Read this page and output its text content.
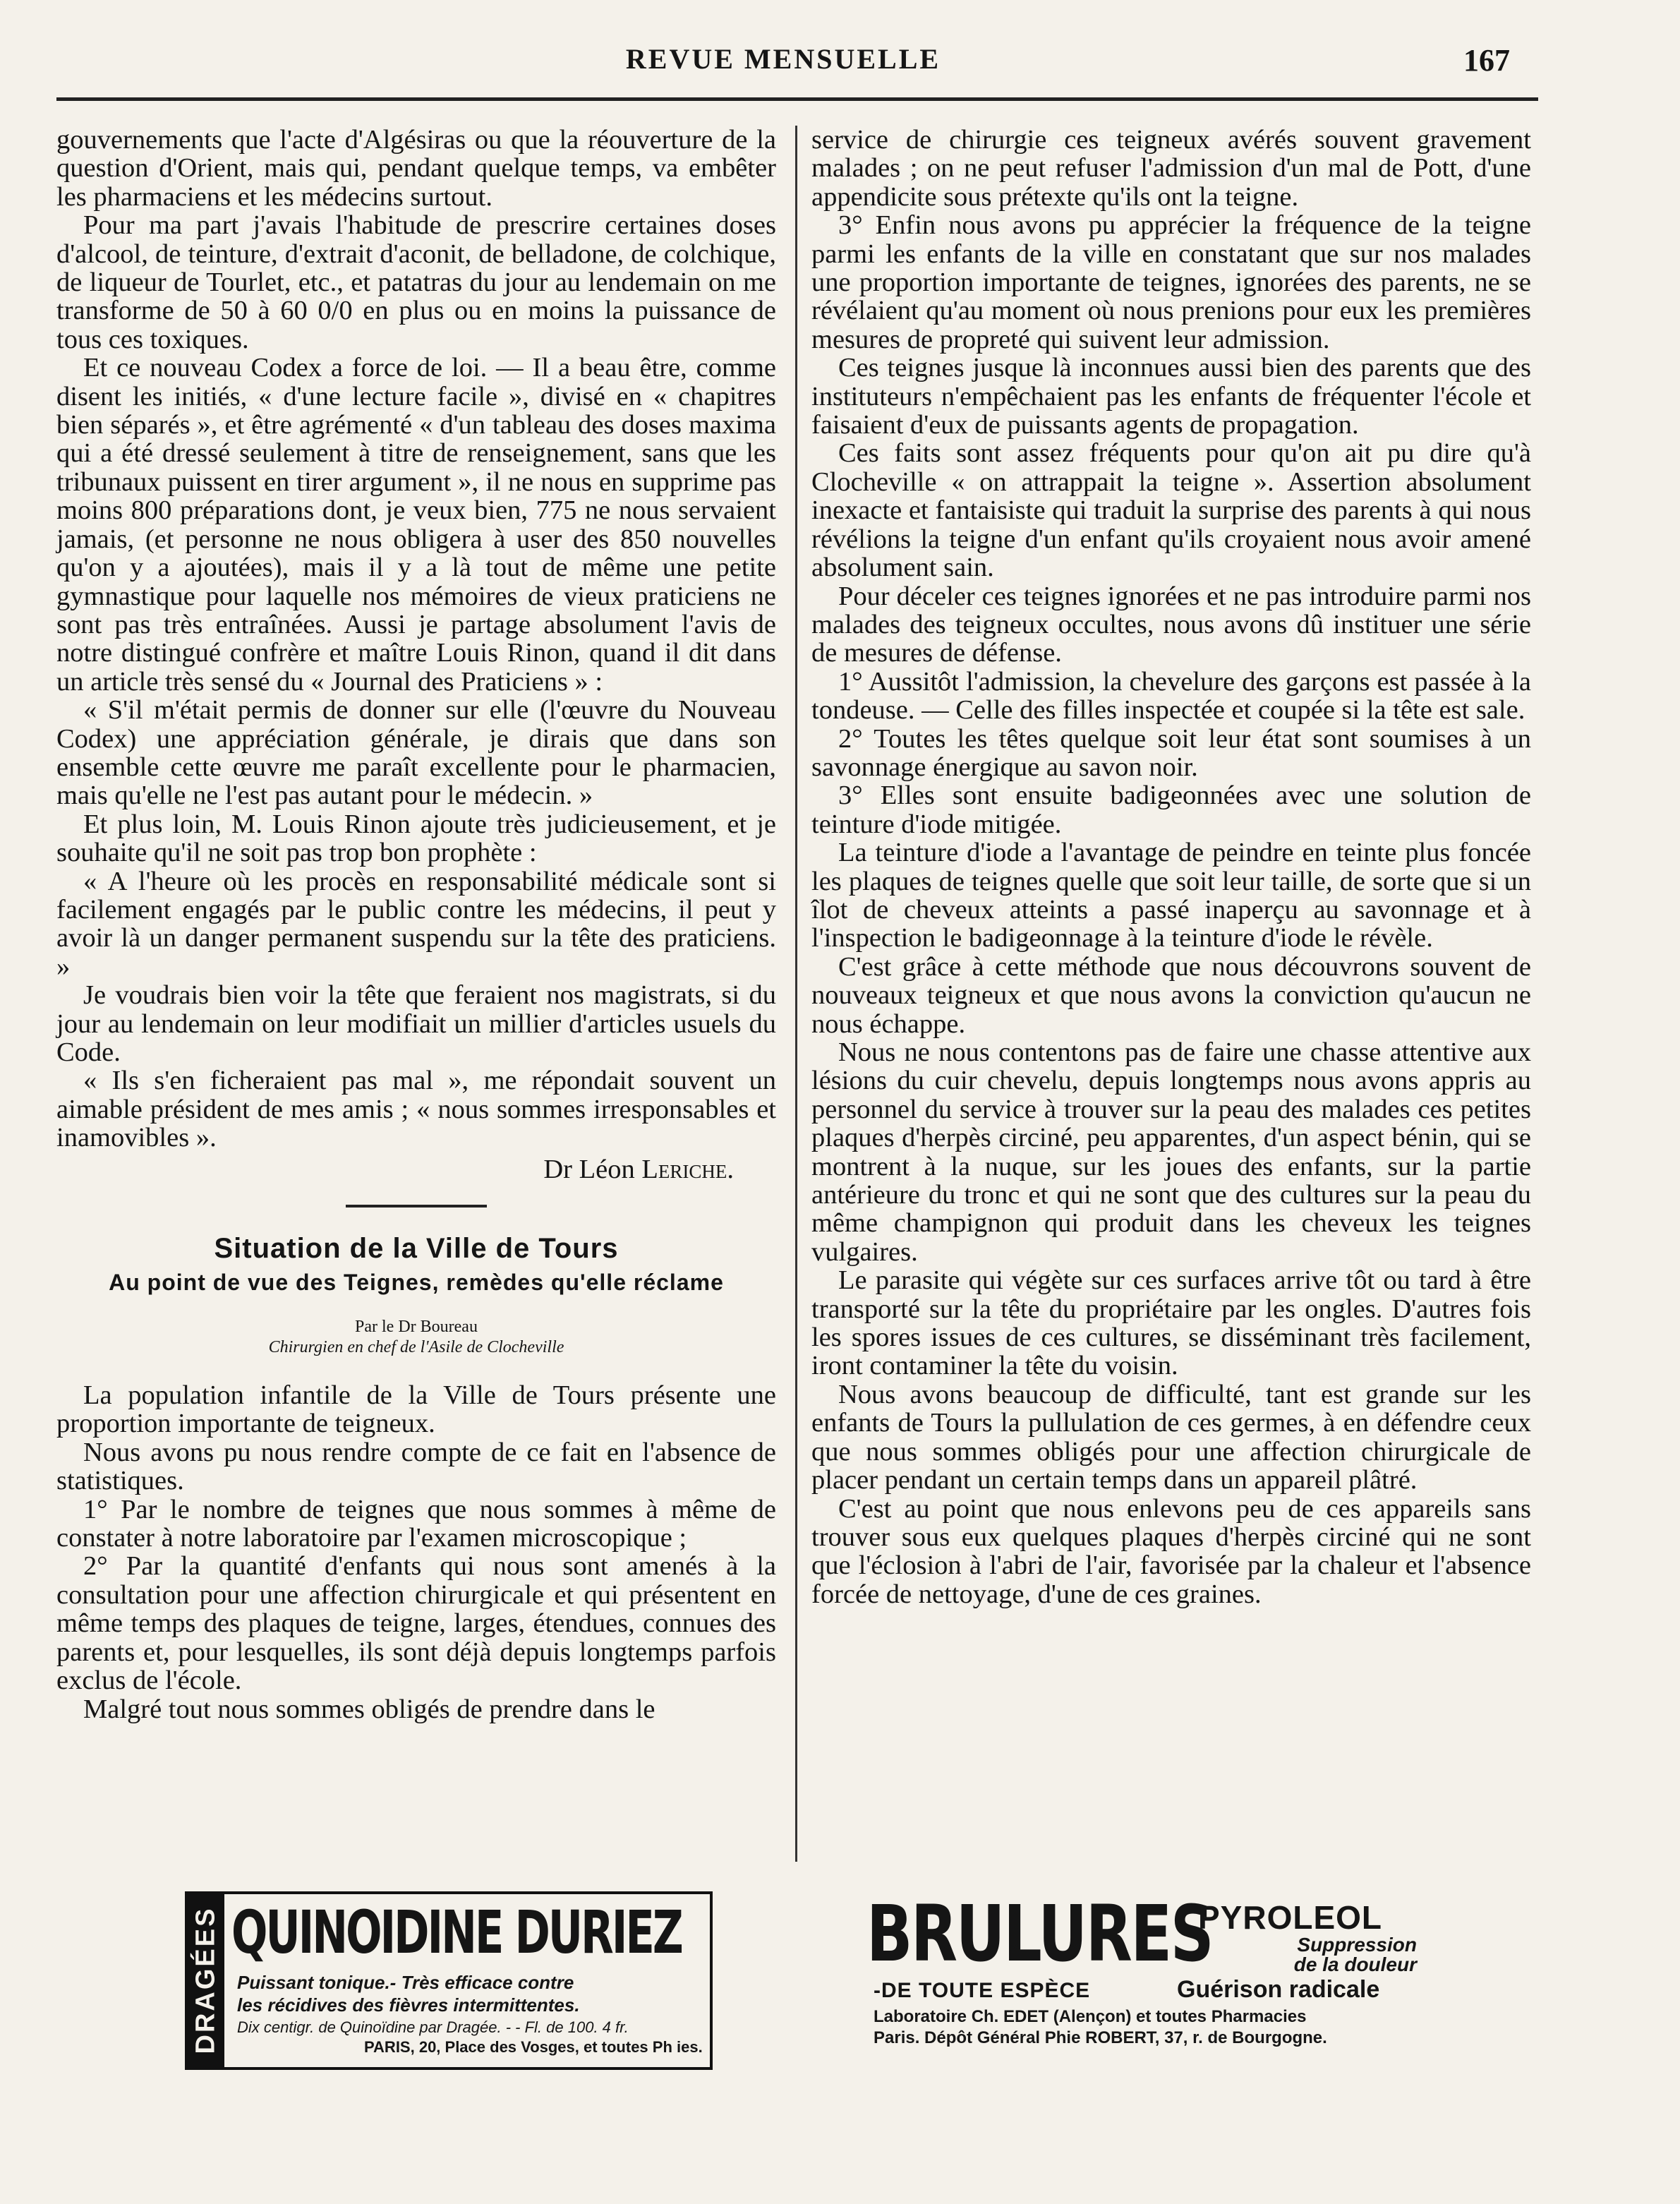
REVUE MENSUELLE	167

gouvernements que l'acte d'Algésiras ou que la réouverture de la question d'Orient, mais qui, pendant quelque temps, va embêter les pharmaciens et les médecins surtout.

Pour ma part j'avais l'habitude de prescrire certaines doses d'alcool, de teinture, d'extrait d'aconit, de belladone, de colchique, de liqueur de Tourlet, etc., et patatras du jour au lendemain on me transforme de 50 à 60 0/0 en plus ou en moins la puissance de tous ces toxiques.

Et ce nouveau Codex a force de loi. — Il a beau être, comme disent les initiés, « d'une lecture facile », divisé en « chapitres bien séparés », et être agrémenté « d'un tableau des doses maxima qui a été dressé seulement à titre de renseignement, sans que les tribunaux puissent en tirer argument », il ne nous en supprime pas moins 800 préparations dont, je veux bien, 775 ne nous servaient jamais, (et personne ne nous obligera à user des 850 nouvelles qu'on y a ajoutées), mais il y a là tout de même une petite gymnastique pour laquelle nos mémoires de vieux praticiens ne sont pas très entraînées. Aussi je partage absolument l'avis de notre distingué confrère et maître Louis Rinon, quand il dit dans un article très sensé du « Journal des Praticiens » :

« S'il m'était permis de donner sur elle (l'œuvre du Nouveau Codex) une appréciation générale, je dirais que dans son ensemble cette œuvre me paraît excellente pour le pharmacien, mais qu'elle ne l'est pas autant pour le médecin. »

Et plus loin, M. Louis Rinon ajoute très judicieusement, et je souhaite qu'il ne soit pas trop bon prophète :

« A l'heure où les procès en responsabilité médicale sont si facilement engagés par le public contre les médecins, il peut y avoir là un danger permanent suspendu sur la tête des praticiens. »

Je voudrais bien voir la tête que feraient nos magistrats, si du jour au lendemain on leur modifiait un millier d'articles usuels du Code.

« Ils s'en ficheraient pas mal », me répondait souvent un aimable président de mes amis ; « nous sommes irresponsables et inamovibles ».

Dr Léon Leriche.
Situation de la Ville de Tours
Au point de vue des Teignes, remèdes qu'elle réclame
Par le Dr Boureau
Chirurgien en chef de l'Asile de Clocheville

La population infantile de la Ville de Tours présente une proportion importante de teigneux.

Nous avons pu nous rendre compte de ce fait en l'absence de statistiques.

1° Par le nombre de teignes que nous sommes à même de constater à notre laboratoire par l'examen microscopique ;

2° Par la quantité d'enfants qui nous sont amenés à la consultation pour une affection chirurgicale et qui présentent en même temps des plaques de teigne, larges, étendues, connues des parents et, pour lesquelles, ils sont déjà depuis longtemps parfois exclus de l'école.

Malgré tout nous sommes obligés de prendre dans le

service de chirurgie ces teigneux avérés souvent gravement malades ; on ne peut refuser l'admission d'un mal de Pott, d'une appendicite sous prétexte qu'ils ont la teigne.

3° Enfin nous avons pu apprécier la fréquence de la teigne parmi les enfants de la ville en constatant que sur nos malades une proportion importante de teignes, ignorées des parents, ne se révélaient qu'au moment où nous prenions pour eux les premières mesures de propreté qui suivent leur admission.

Ces teignes jusque là inconnues aussi bien des parents que des instituteurs n'empêchaient pas les enfants de fréquenter l'école et faisaient d'eux de puissants agents de propagation.

Ces faits sont assez fréquents pour qu'on ait pu dire qu'à Clocheville « on attrappait la teigne ». Assertion absolument inexacte et fantaisiste qui traduit la surprise des parents à qui nous révélions la teigne d'un enfant qu'ils croyaient nous avoir amené absolument sain.

Pour déceler ces teignes ignorées et ne pas introduire parmi nos malades des teigneux occultes, nous avons dû instituer une série de mesures de défense.

1° Aussitôt l'admission, la chevelure des garçons est passée à la tondeuse. — Celle des filles inspectée et coupée si la tête est sale.

2° Toutes les têtes quelque soit leur état sont soumises à un savonnage énergique au savon noir.

3° Elles sont ensuite badigeonnées avec une solution de teinture d'iode mitigée.

La teinture d'iode a l'avantage de peindre en teinte plus foncée les plaques de teignes quelle que soit leur taille, de sorte que si un îlot de cheveux atteints a passé inaperçu au savonnage et à l'inspection le badigeonnage à la teinture d'iode le révèle.

C'est grâce à cette méthode que nous découvrons souvent de nouveaux teigneux et que nous avons la conviction qu'aucun ne nous échappe.

Nous ne nous contentons pas de faire une chasse attentive aux lésions du cuir chevelu, depuis longtemps nous avons appris au personnel du service à trouver sur la peau des malades ces petites plaques d'herpès circiné, peu apparentes, d'un aspect bénin, qui se montrent à la nuque, sur les joues des enfants, sur la partie antérieure du tronc et qui ne sont que des cultures sur la peau du même champignon qui produit dans les cheveux les teignes vulgaires.

Le parasite qui végète sur ces surfaces arrive tôt ou tard à être transporté sur la tête du propriétaire par les ongles. D'autres fois les spores issues de ces cultures, se disséminant très facilement, iront contaminer la tête du voisin.

Nous avons beaucoup de difficulté, tant est grande sur les enfants de Tours la pullulation de ces germes, à en défendre ceux que nous sommes obligés pour une affection chirurgicale de placer pendant un certain temps dans un appareil plâtré.

C'est au point que nous enlevons peu de ces appareils sans trouver sous eux quelques plaques d'herpès circiné qui ne sont que l'éclosion à l'abri de l'air, favorisée par la chaleur et l'absence forcée de nettoyage, d'une de ces graines.

DRAGÉES QUINOIDINE DURIEZ
Puissant tonique.- Très efficace contre
les récidives des fièvres intermittentes.
Dix centigr. de Quinoïdine par Dragée. - - Fl. de 100. 4 fr.
PARIS, 20, Place des Vosges, et toutes Ph ies.
BRULURES
PYROLEOL
Suppression
de la douleur
-DE TOUTE ESPÈCE	Guérison radicale
Laboratoire Ch. EDET (Alençon) et toutes Pharmacies
Paris. Dépôt Général Phie ROBERT, 37, r. de Bourgogne.
